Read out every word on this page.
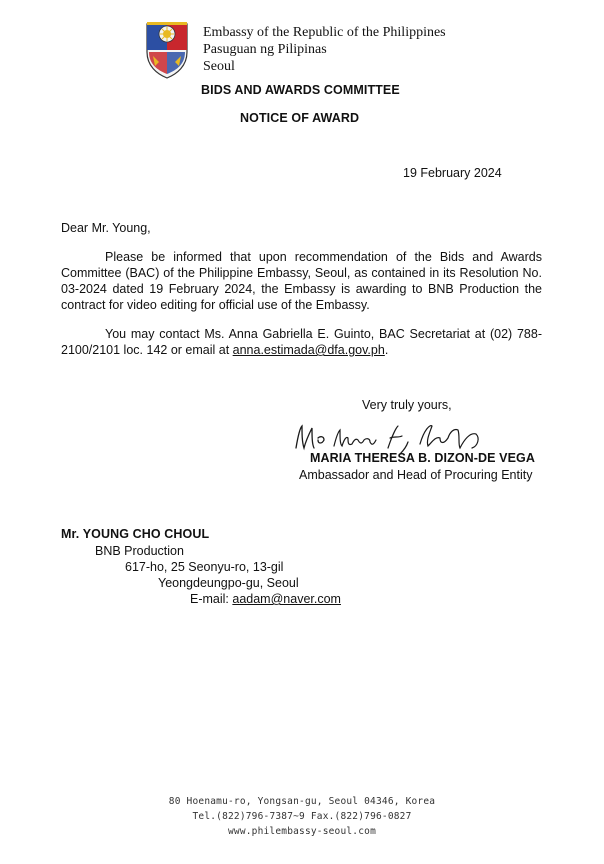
Embassy of the Republic of the Philippines
Pasuguan ng Pilipinas
Seoul
BIDS AND AWARDS COMMITTEE
NOTICE OF AWARD
19 February 2024
Dear Mr. Young,
Please be informed that upon recommendation of the Bids and Awards Committee (BAC) of the Philippine Embassy, Seoul, as contained in its Resolution No. 03-2024 dated 19 February 2024, the Embassy is awarding to BNB Production the contract for video editing for official use of the Embassy.
You may contact Ms. Anna Gabriella E. Guinto, BAC Secretariat at (02) 788-2100/2101 loc. 142 or email at anna.estimada@dfa.gov.ph.
Very truly yours,
MARIA THERESA B. DIZON-DE VEGA
Ambassador and Head of Procuring Entity
Mr. YOUNG CHO CHOUL
BNB Production
617-ho, 25 Seonyu-ro, 13-gil
Yeongdeungpo-gu, Seoul
E-mail: aadam@naver.com
80 Hoenamu-ro, Yongsan-gu, Seoul 04346, Korea
Tel.(822)796-7387~9 Fax.(822)796-0827
www.philembassy-seoul.com
